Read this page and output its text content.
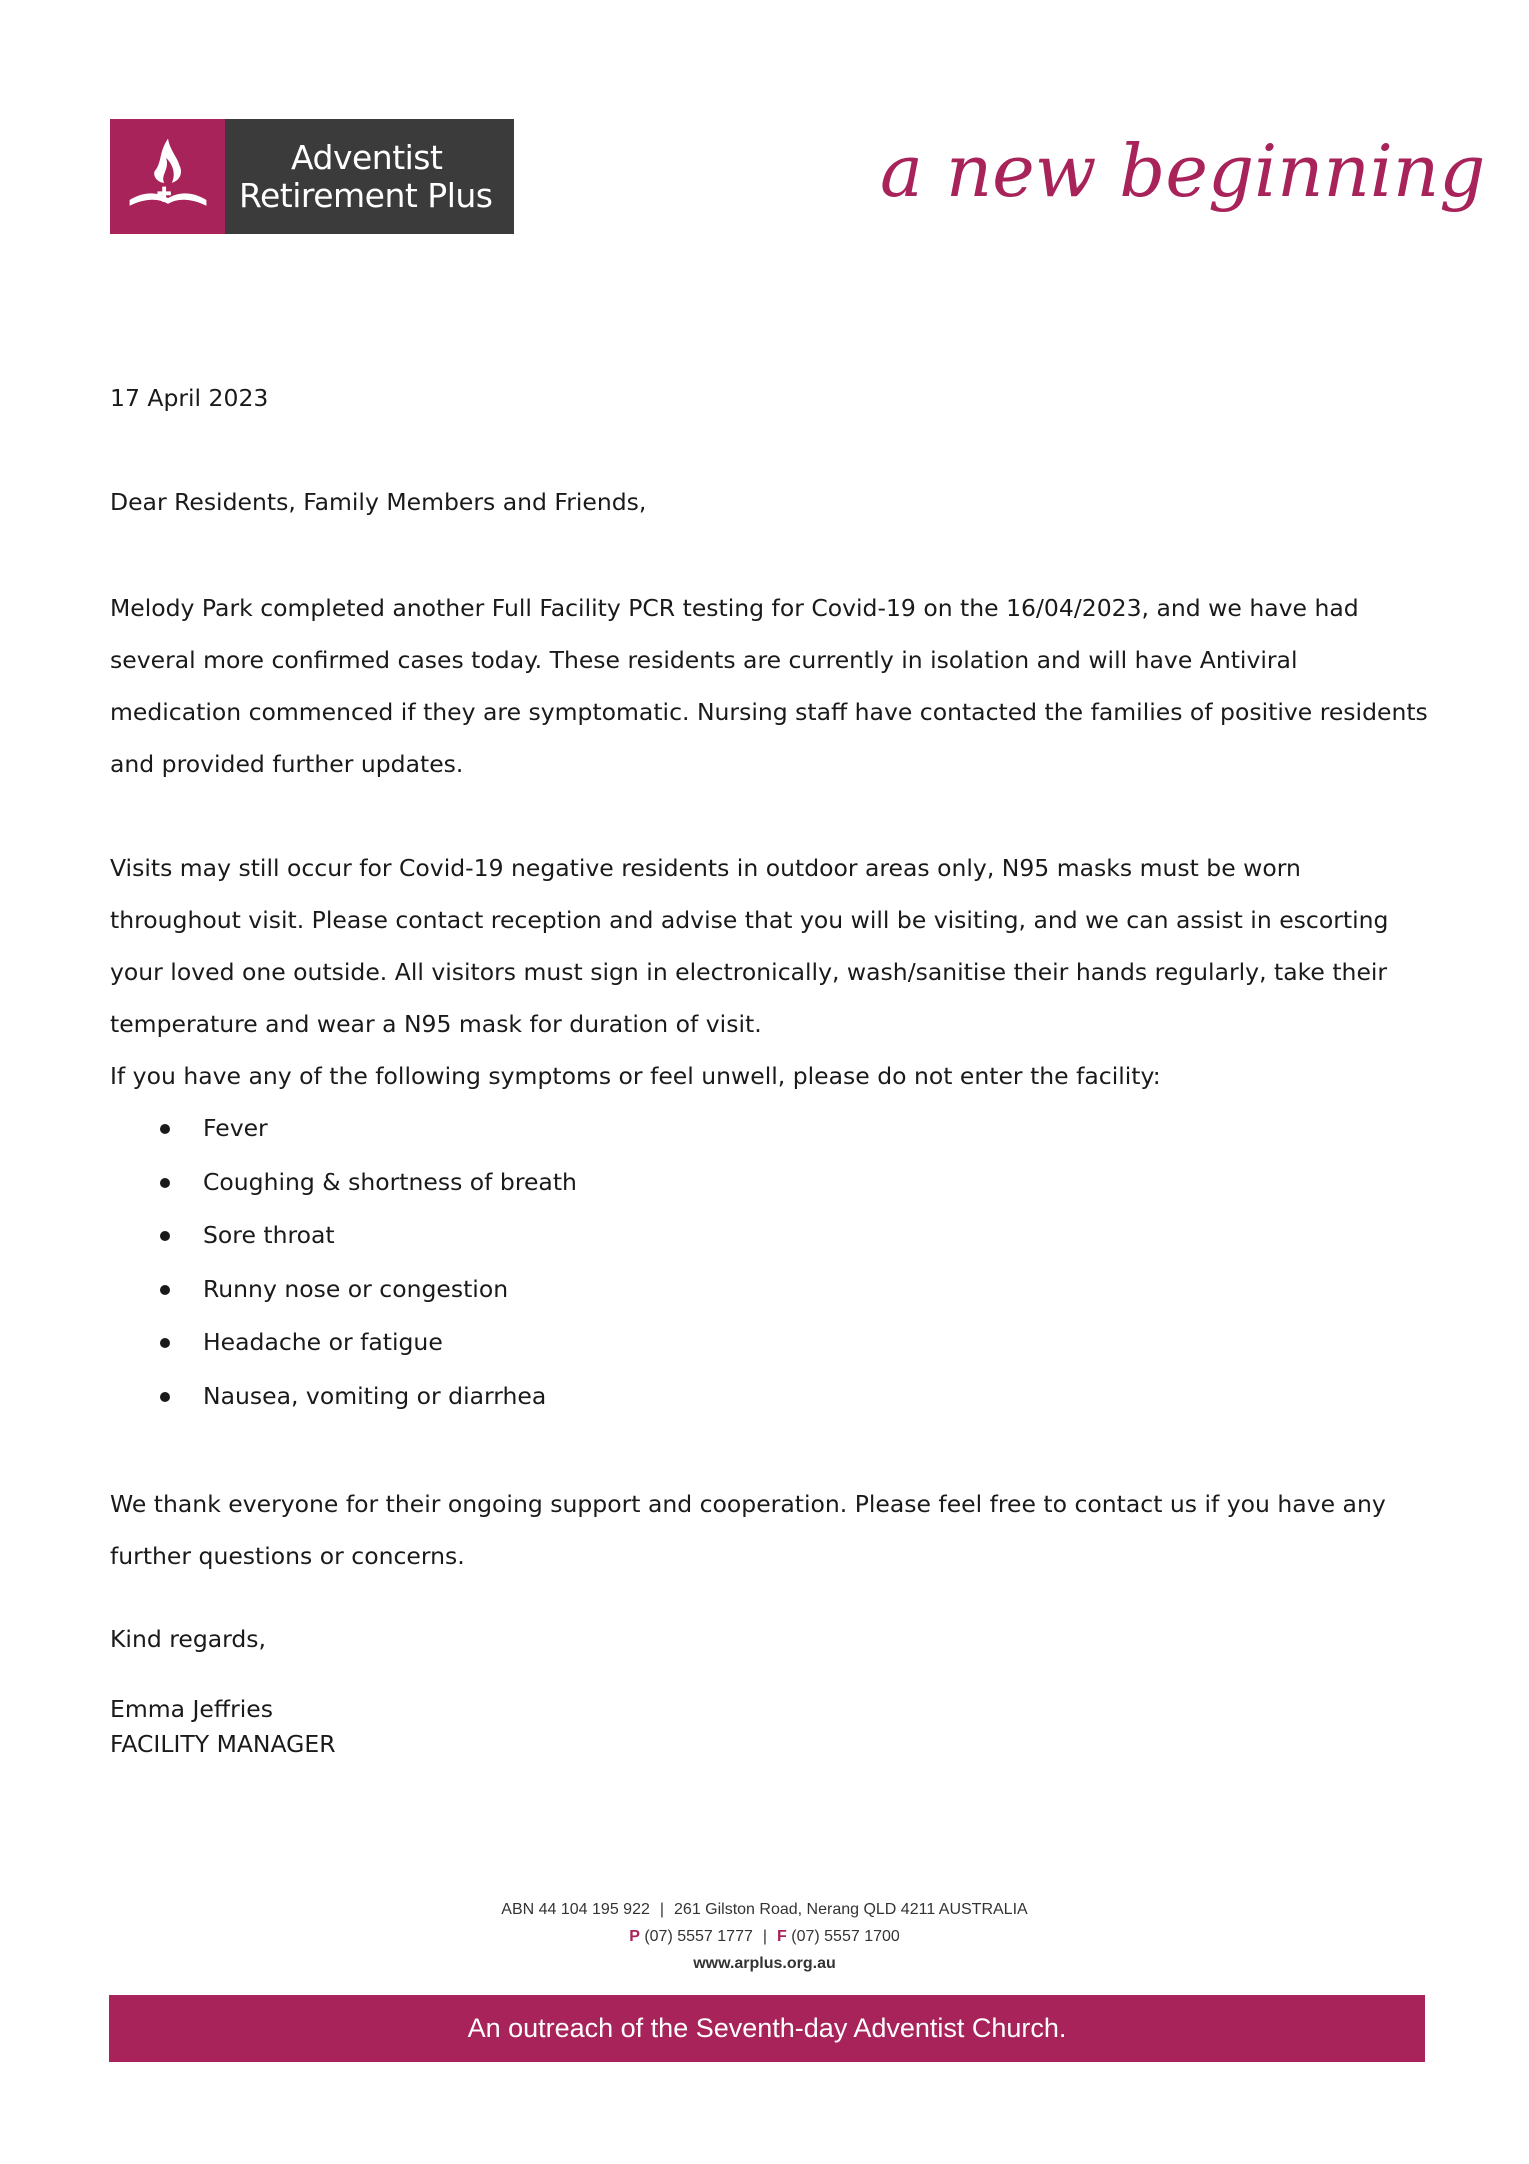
Adventist
Retirement Plus	a new beginning
17 April 2023
Dear Residents, Family Members and Friends,

Melody Park completed another Full Facility PCR testing for Covid-19 on the 16/04/2023, and we have had several more confirmed cases today. These residents are currently in isolation and will have Antiviral medication commenced if they are symptomatic. Nursing staff have contacted the families of positive residents and provided further updates.

Visits may still occur for Covid-19 negative residents in outdoor areas only, N95 masks must be worn throughout visit. Please contact reception and advise that you will be visiting, and we can assist in escorting your loved one outside. All visitors must sign in electronically, wash/sanitise their hands regularly, take their temperature and wear a N95 mask for duration of visit.

If you have any of the following symptoms or feel unwell, please do not enter the facility:

Fever
Coughing & shortness of breath
Sore throat
Runny nose or congestion
Headache or fatigue
Nausea, vomiting or diarrhea

We thank everyone for their ongoing support and cooperation. Please feel free to contact us if you have any further questions or concerns.

Kind regards,
Emma Jeffries
FACILITY MANAGER
ABN 44 104 195 922 | 261 Gilston Road, Nerang QLD 4211 AUSTRALIA
P (07) 5557 1777 | F (07) 5557 1700
www.arplus.org.au
An outreach of the Seventh-day Adventist Church.
